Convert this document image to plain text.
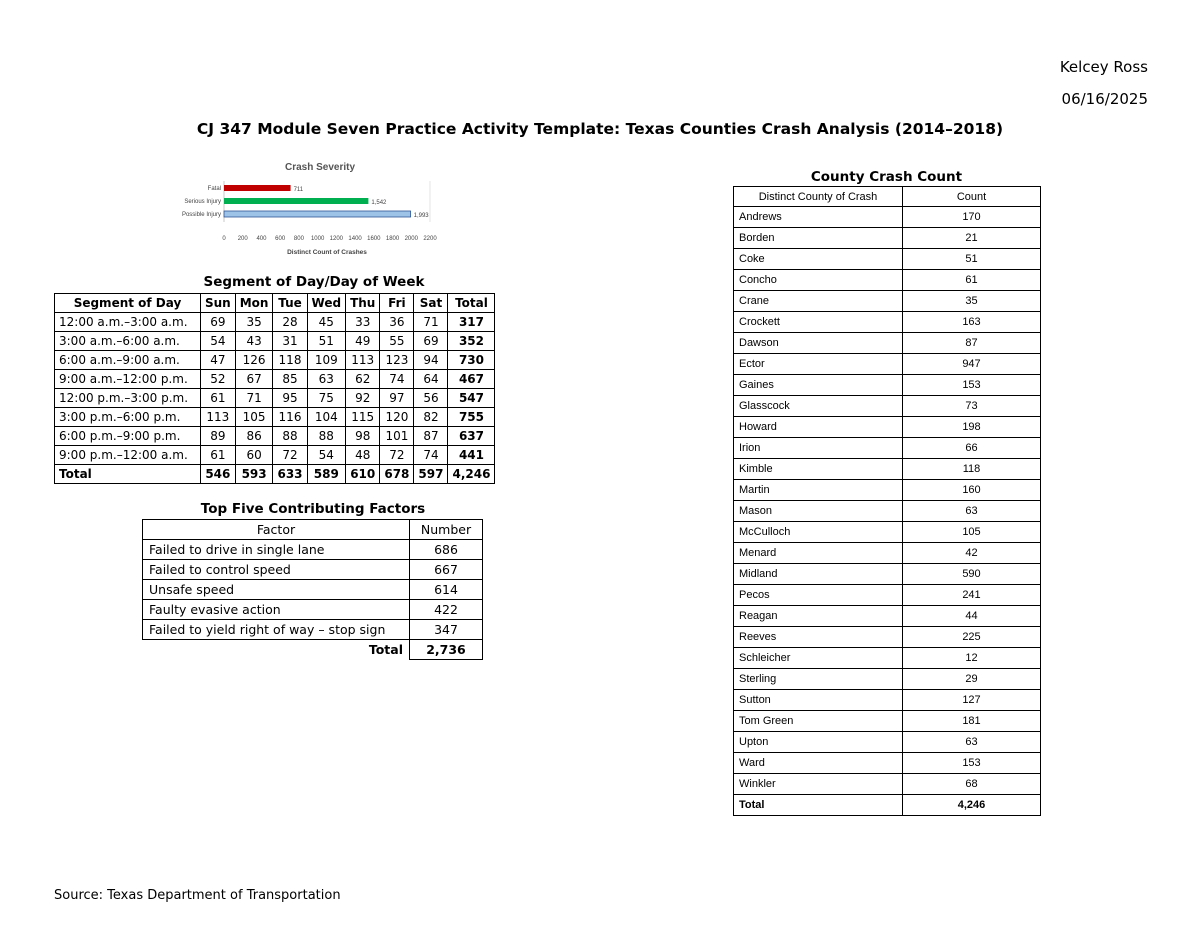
Kelcey Ross
06/16/2025
CJ 347 Module Seven Practice Activity Template: Texas Counties Crash Analysis (2014–2018)
Crash Severity
Fatal	711
Serious Injury	1,542
Possible Injury	1,993
0 200 400 600 800 1000 1200 1400 1600 1800 2000 2200
Distinct Count of Crashes
Segment of Day/Day of Week
Segment of Day	Sun	Mon	Tue	Wed	Thu	Fri	Sat	Total
12:00 a.m.–3:00 a.m.	69	35	28	45	33	36	71	317
3:00 a.m.–6:00 a.m.	54	43	31	51	49	55	69	352
6:00 a.m.–9:00 a.m.	47	126	118	109	113	123	94	730
9:00 a.m.–12:00 p.m.	52	67	85	63	62	74	64	467
12:00 p.m.–3:00 p.m.	61	71	95	75	92	97	56	547
3:00 p.m.–6:00 p.m.	113	105	116	104	115	120	82	755
6:00 p.m.–9:00 p.m.	89	86	88	88	98	101	87	637
9:00 p.m.–12:00 a.m.	61	60	72	54	48	72	74	441
Total	546	593	633	589	610	678	597	4,246
Top Five Contributing Factors
Factor	Number
Failed to drive in single lane	686
Failed to control speed	667
Unsafe speed	614
Faulty evasive action	422
Failed to yield right of way – stop sign	347
Total	2,736
County Crash Count
Distinct County of Crash	Count
Andrews	170
Borden	21
Coke	51
Concho	61
Crane	35
Crockett	163
Dawson	87
Ector	947
Gaines	153
Glasscock	73
Howard	198
Irion	66
Kimble	118
Martin	160
Mason	63
McCulloch	105
Menard	42
Midland	590
Pecos	241
Reagan	44
Reeves	225
Schleicher	12
Sterling	29
Sutton	127
Tom Green	181
Upton	63
Ward	153
Winkler	68
Total	4,246
Source: Texas Department of Transportation
